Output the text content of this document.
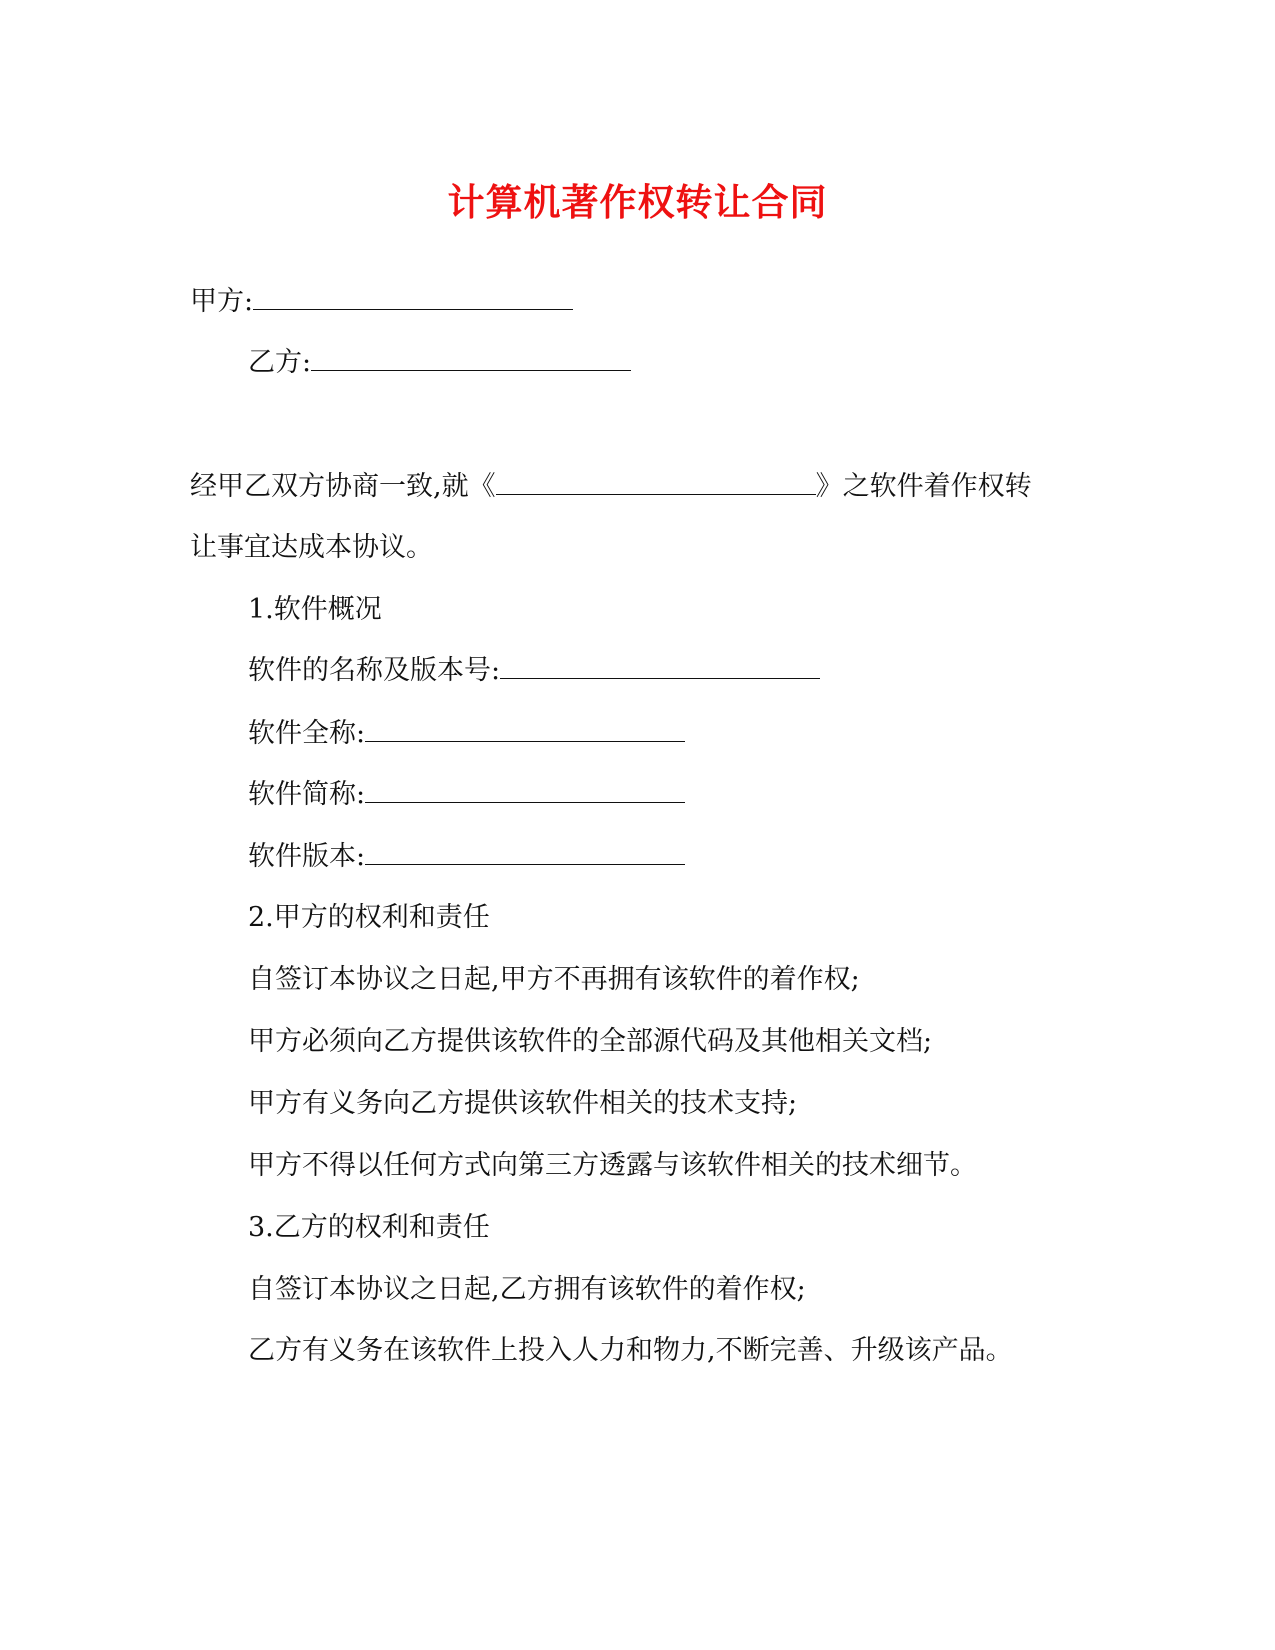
计算机著作权转让合同
甲方:
乙方:
经甲乙双方协商一致,就《	》之软件着作权转
让事宜达成本协议。
1.软件概况
软件的名称及版本号:
软件全称:
软件简称:
软件版本:
2.甲方的权利和责任
自签订本协议之日起,甲方不再拥有该软件的着作权;
甲方必须向乙方提供该软件的全部源代码及其他相关文档;
甲方有义务向乙方提供该软件相关的技术支持;
甲方不得以任何方式向第三方透露与该软件相关的技术细节。
3.乙方的权利和责任
自签订本协议之日起,乙方拥有该软件的着作权;
乙方有义务在该软件上投入人力和物力,不断完善、升级该产品。
